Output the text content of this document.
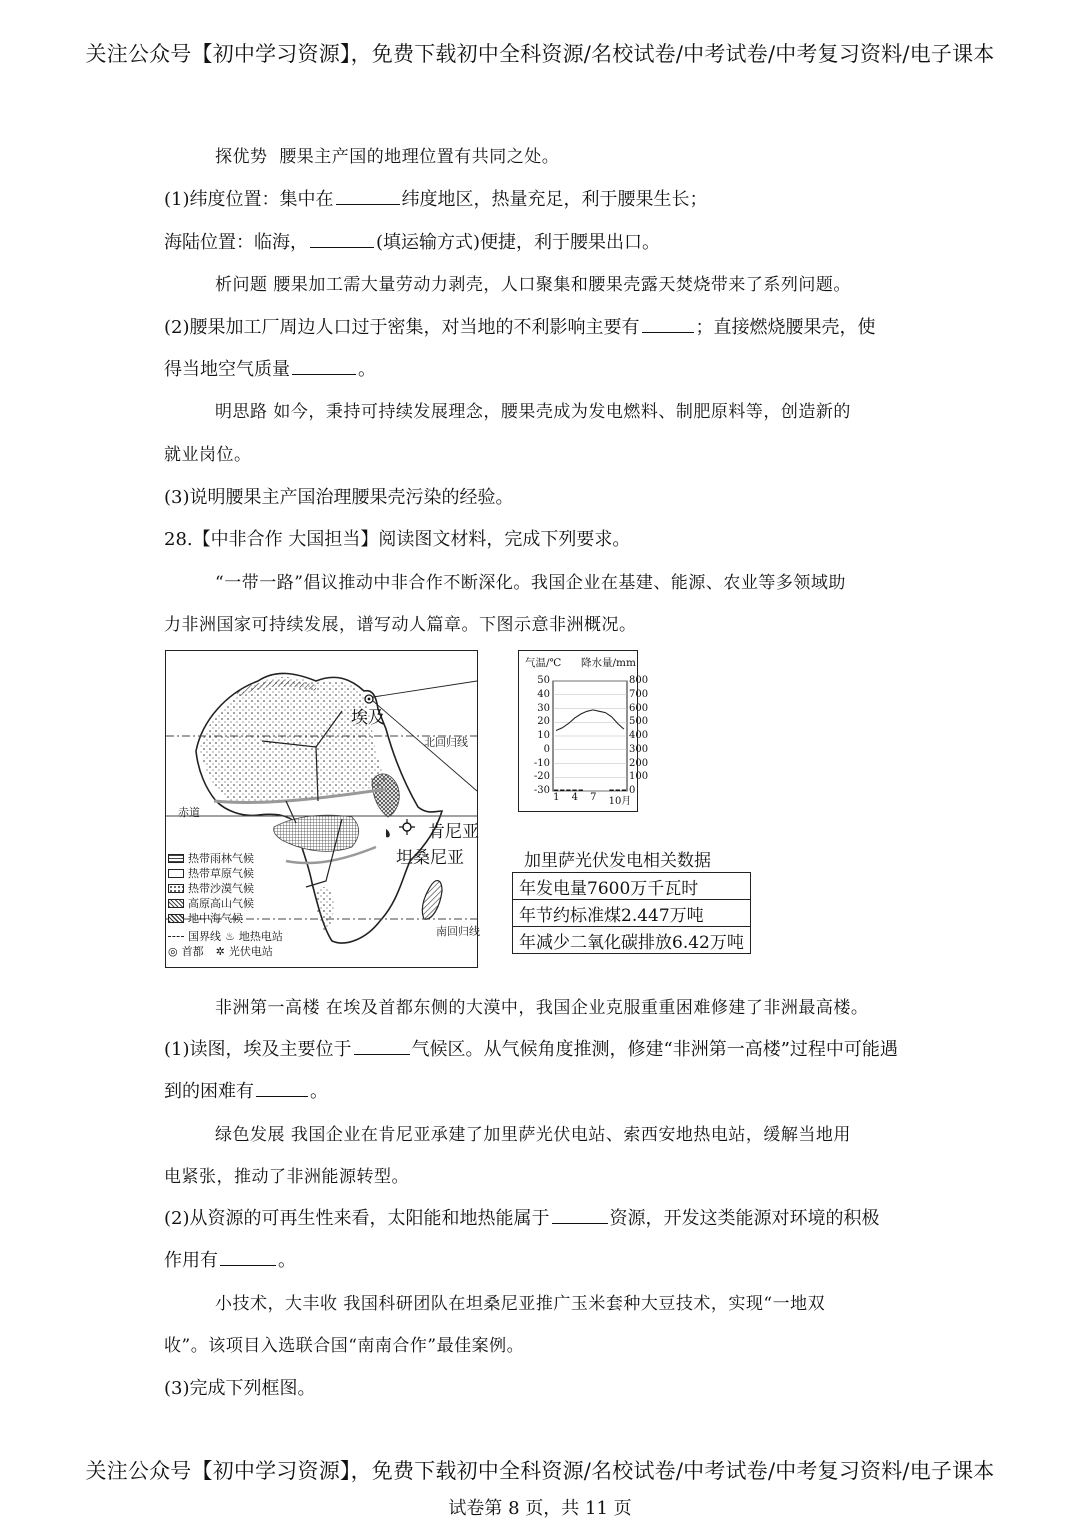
关注公众号【初中学习资源】，免费下载初中全科资源/名校试卷/中考试卷/中考复习资料/电子课本
探优势 腰果主产国的地理位置有共同之处。
(1)纬度位置：集中在	纬度地区，热量充足，利于腰果生长；
海陆位置：临海，	(填运输方式)便捷，利于腰果出口。
析问题 腰果加工需大量劳动力剥壳，人口聚集和腰果壳露天焚烧带来了系列问题。
(2)腰果加工厂周边人口过于密集，对当地的不利影响主要有	；直接燃烧腰果壳，使
得当地空气质量	。
明思路 如今，秉持可持续发展理念，腰果壳成为发电燃料、制肥原料等，创造新的
就业岗位。
(3)说明腰果主产国治理腰果壳污染的经验。
28.【中非合作 大国担当】阅读图文材料，完成下列要求。
“一带一路”倡议推动中非合作不断深化。我国企业在基建、能源、农业等多领域助
力非洲国家可持续发展，谱写动人篇章。下图示意非洲概况。
北回归线
赤道
南回归线
埃及
肯尼亚
坦桑尼亚
热带雨林气候
热带草原气候
热带沙漠气候
高原高山气候
地中海气候
国界线 ♨ 地热电站
◎ 首都 ✲ 光伏电站
气温/℃ 降水量/mm
50
40
30
20
10
0
-10
-20
-30
800
700
600
500
400
300
200
100
0
1 4 7 10月
加里萨光伏发电相关数据
年发电量7600万千瓦时
年节约标准煤2.447万吨
年减少二氧化碳排放6.42万吨
非洲第一高楼 在埃及首都东侧的大漠中，我国企业克服重重困难修建了非洲最高楼。
(1)读图，埃及主要位于	气候区。从气候角度推测，修建“非洲第一高楼”过程中可能遇
到的困难有	。
绿色发展 我国企业在肯尼亚承建了加里萨光伏电站、索西安地热电站，缓解当地用
电紧张，推动了非洲能源转型。
(2)从资源的可再生性来看，太阳能和地热能属于	资源，开发这类能源对环境的积极
作用有	。
小技术，大丰收 我国科研团队在坦桑尼亚推广玉米套种大豆技术，实现“一地双
收”。该项目入选联合国“南南合作”最佳案例。
(3)完成下列框图。
关注公众号【初中学习资源】，免费下载初中全科资源/名校试卷/中考试卷/中考复习资料/电子课本
试卷第 8 页，共 11 页
